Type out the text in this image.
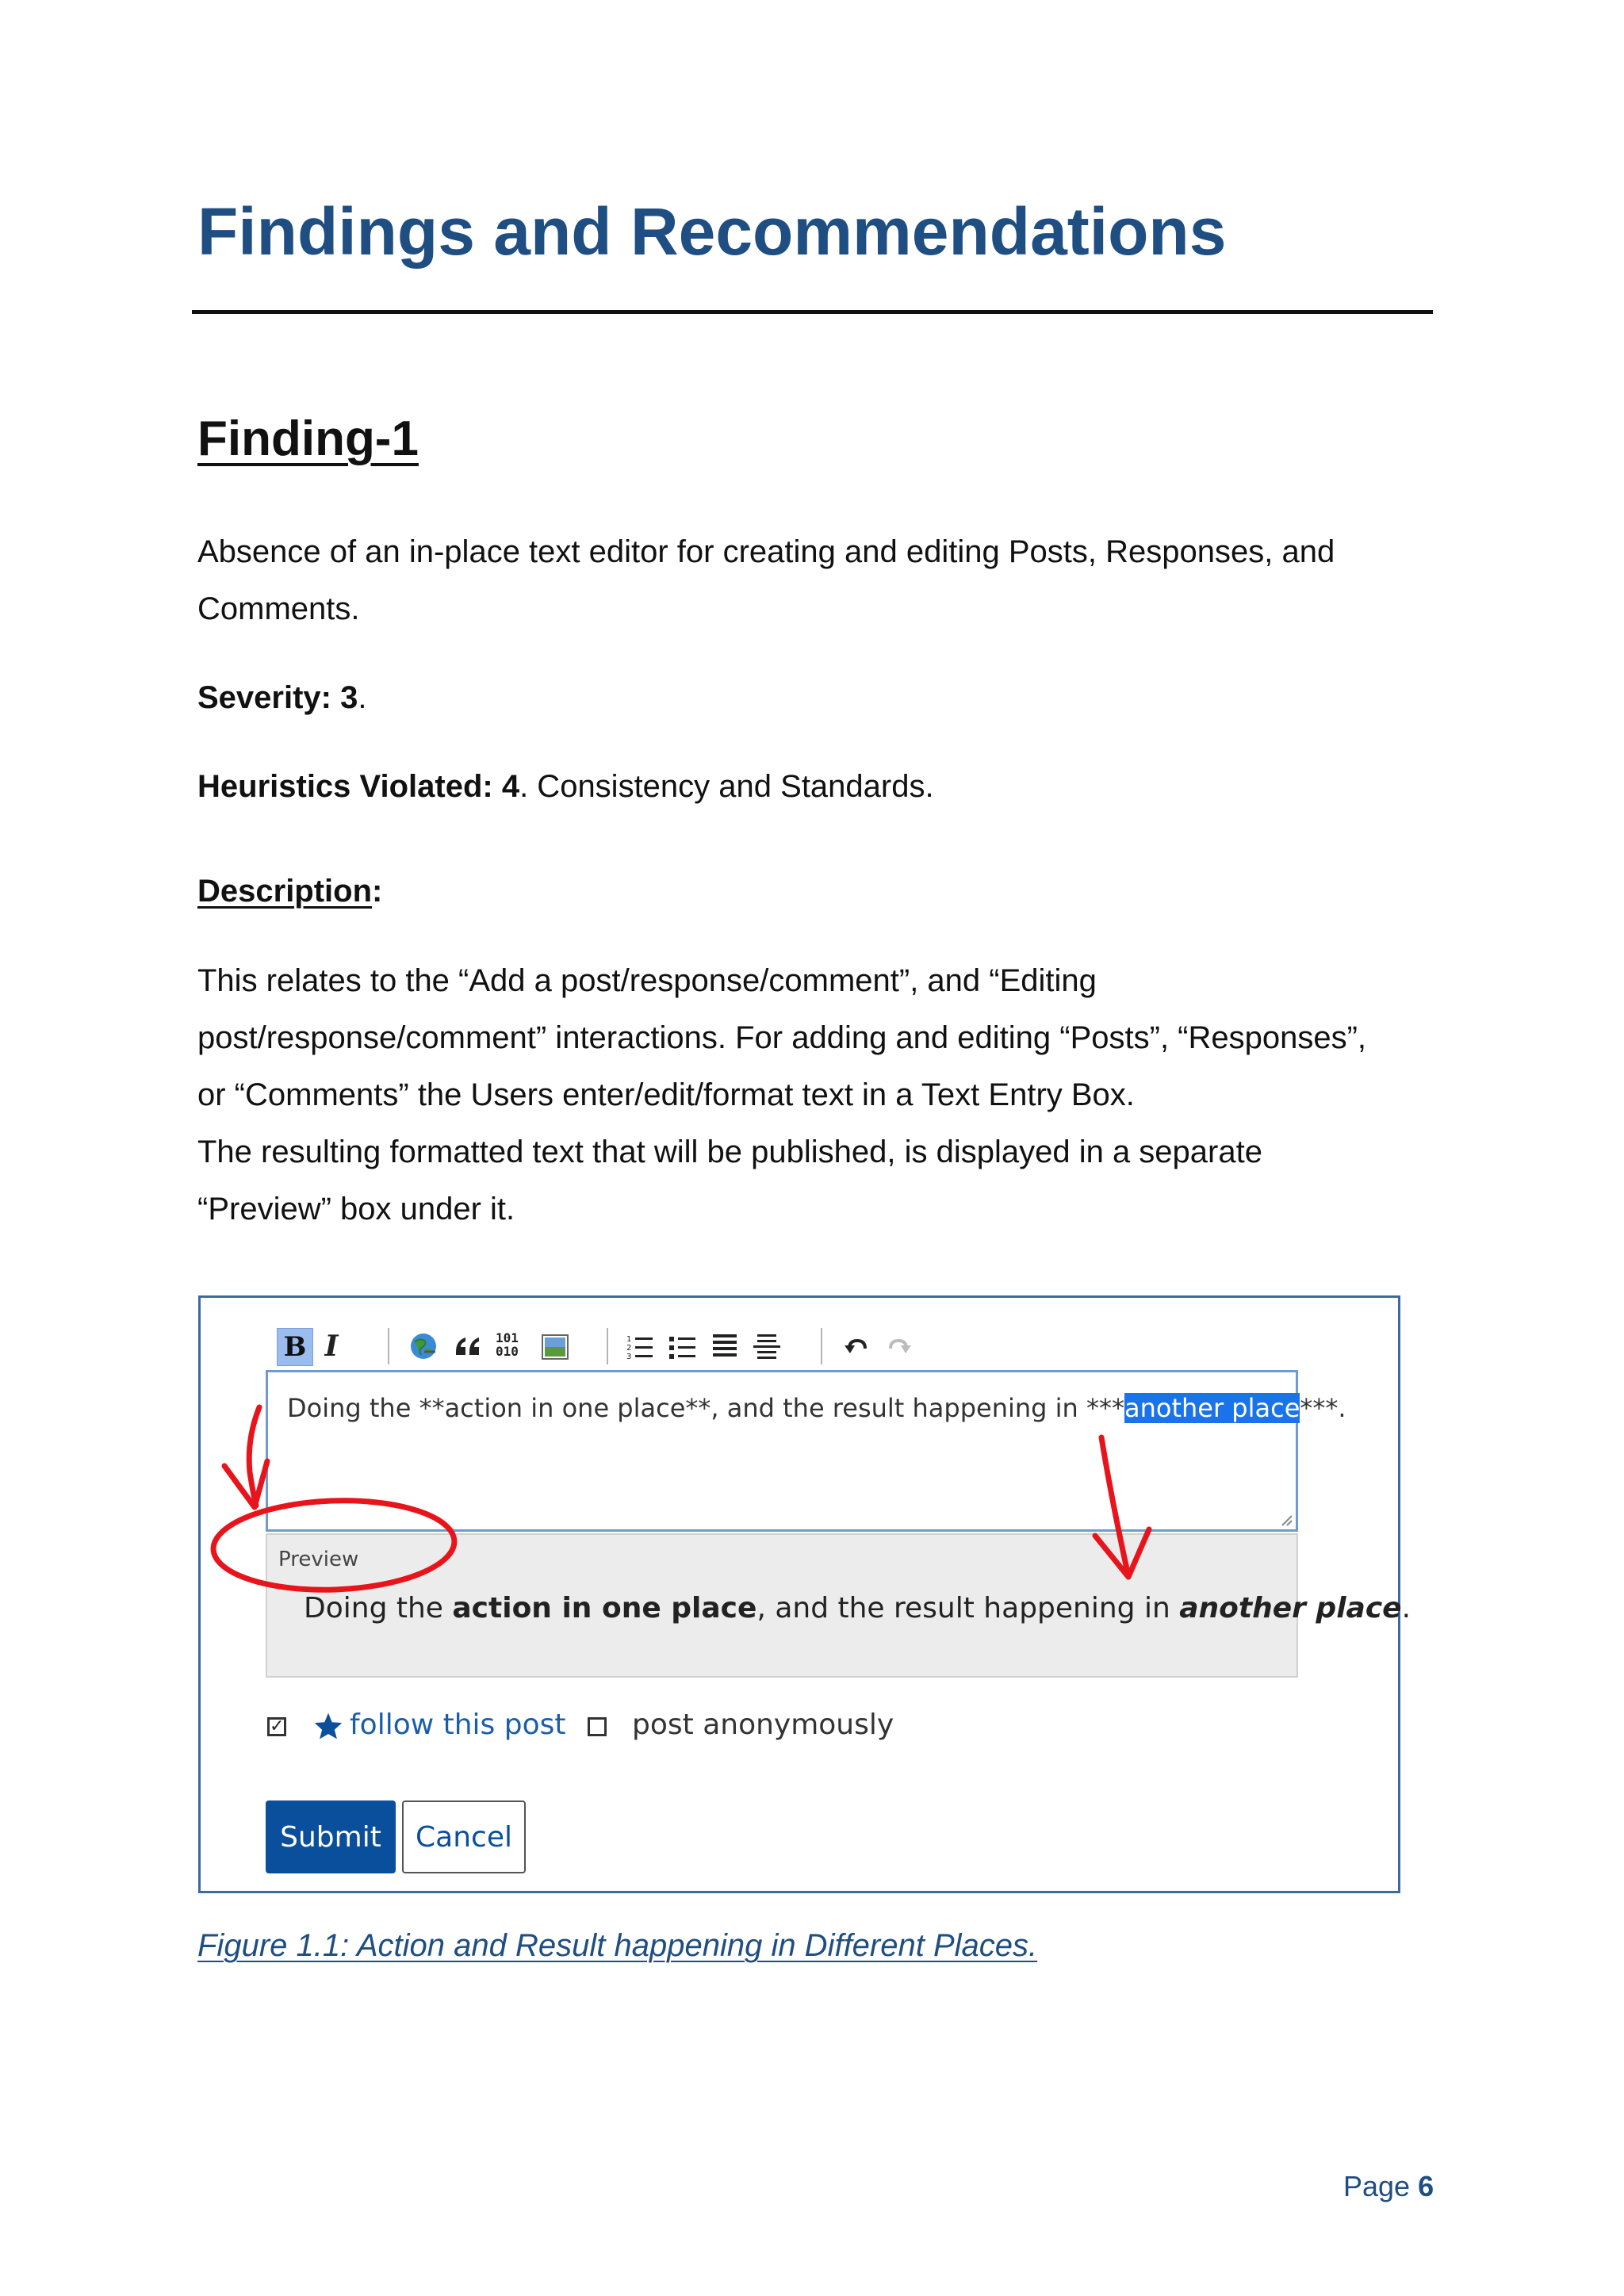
Findings and Recommendations
Finding-1

Absence of an in-place text editor for creating and editing Posts, Responses, and
Comments.

Severity: 3.

Heuristics Violated: 4. Consistency and Standards.

Description:

This relates to the “Add a post/response/comment”, and “Editing
post/response/comment” interactions. For adding and editing “Posts”, “Responses”,
or “Comments” the Users enter/edit/format text in a Text Entry Box.
The resulting formatted text that will be published, is displayed in a separate
“Preview” box under it.

B I	101
010
1
2
3
Doing the **action in one place**, and the result happening in ***another place***.
Preview
Doing the action in one place, and the result happening in another place.
✓ follow this post post anonymously
Submit	Cancel
Figure 1.1: Action and Result happening in Different Places.
Page 6
